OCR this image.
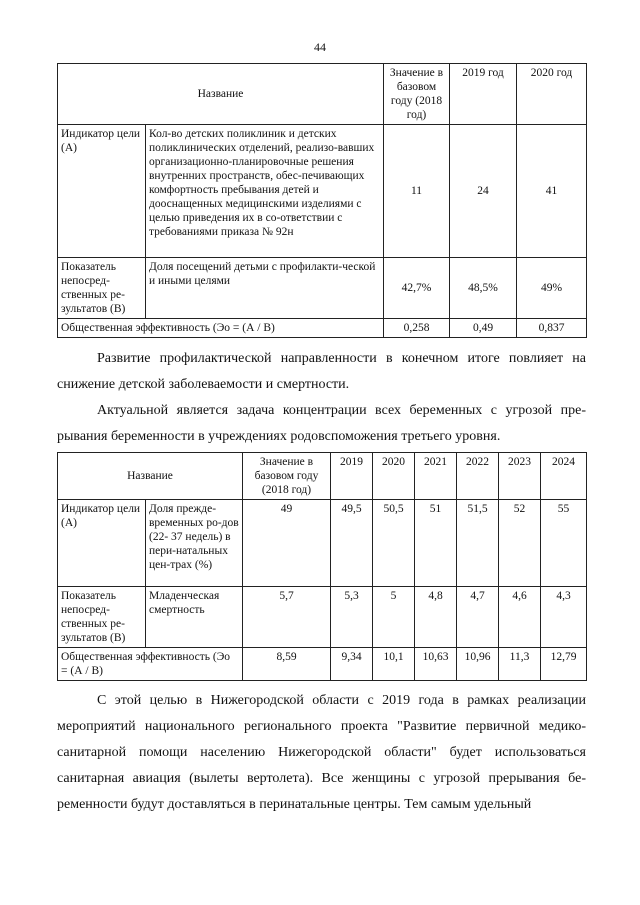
44
Название		Значение в базовом году (2018 год)	2019 год	2020 год
Индикатор цели (А)	Кол-во детских поликлиник и детских поликлинических отделений, реализо-вавших организационно-планировочные решения внутренних пространств, обес-печивающих комфортность пребывания детей и дооснащенных медицинскими изделиями с целью приведения их в со-ответствии с требованиями приказа № 92н	11	24	41
Показатель непосред-ственных ре-зультатов (В)	Доля посещений детьми с профилакти-ческой и иными целями	42,7%	48,5%	49%
Общественная эффективность (Эо = (А / В)		0,258	0,49	0,837
Развитие профилактической направленности в конечном итоге повлияет на снижение детской заболеваемости и смертности.
Актуальной является задача концентрации всех беременных с угрозой пре-рывания беременности в учреждениях родовспоможения третьего уровня.
Название		Значение в базовом году (2018 год)	2019	2020	2021	2022	2023	2024
Индикатор цели (А)	Доля прежде-временных ро-дов (22- 37 недель) в пери-натальных цен-трах (%)	49	49,5	50,5	51	51,5	52	55
Показатель непосред-ственных ре-зультатов (В)	Младенческая смертность	5,7	5,3	5	4,8	4,7	4,6	4,3
Общественная эффективность (Эо = (А / В)		8,59	9,34	10,1	10,63	10,96	11,3	12,79
С этой целью в Нижегородской области с 2019 года в рамках реализации мероприятий национального регионального проекта "Развитие первичной медико-санитарной помощи населению Нижегородской области" будет использоваться санитарная авиация (вылеты вертолета). Все женщины с угрозой прерывания бе-ременности будут доставляться в перинатальные центры. Тем самым удельный
